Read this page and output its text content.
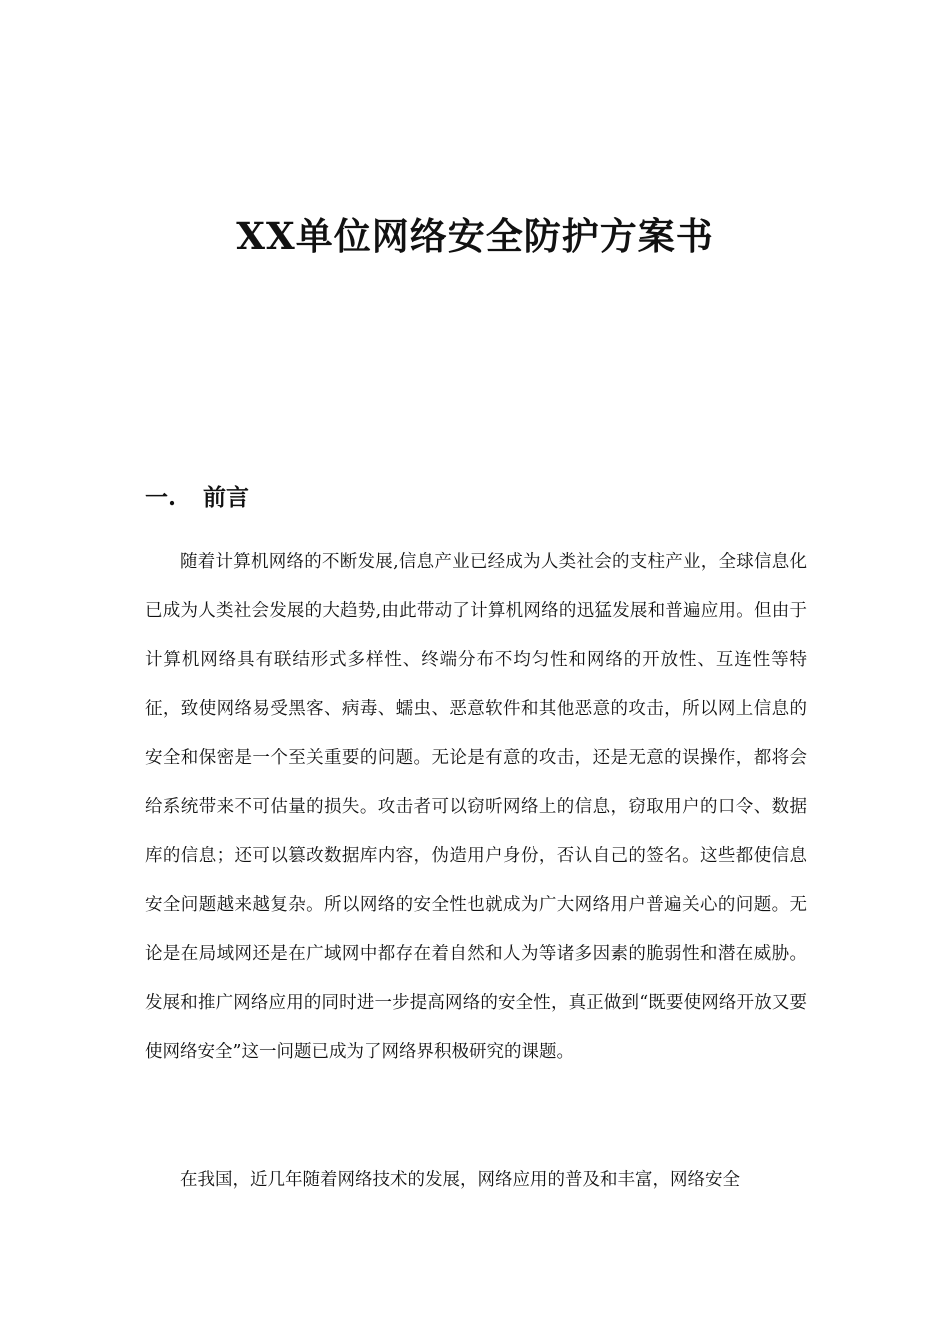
XX单位网络安全防护方案书
一. 前言

随着计算机网络的不断发展,信息产业已经成为人类社会的支柱产业，全球信息化已成为人类社会发展的大趋势,由此带动了计算机网络的迅猛发展和普遍应用。但由于计算机网络具有联结形式多样性、终端分布不均匀性和网络的开放性、互连性等特征，致使网络易受黑客、病毒、蠕虫、恶意软件和其他恶意的攻击，所以网上信息的安全和保密是一个至关重要的问题。无论是有意的攻击，还是无意的误操作，都将会给系统带来不可估量的损失。攻击者可以窃听网络上的信息，窃取用户的口令、数据库的信息；还可以篡改数据库内容，伪造用户身份，否认自己的签名。这些都使信息安全问题越来越复杂。所以网络的安全性也就成为广大网络用户普遍关心的问题。无论是在局域网还是在广域网中都存在着自然和人为等诸多因素的脆弱性和潜在威胁。发展和推广网络应用的同时进一步提高网络的安全性，真正做到“既要使网络开放又要使网络安全”这一问题已成为了网络界积极研究的课题。

在我国，近几年随着网络技术的发展，网络应用的普及和丰富，网络安全
